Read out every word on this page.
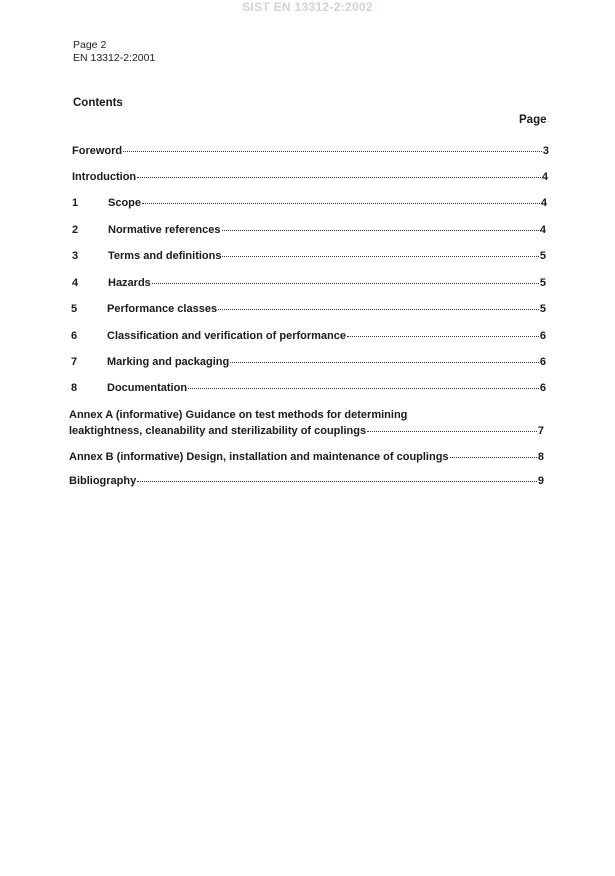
SIST EN 13312-2:2002
Page 2
EN 13312-2:2001
Contents
Page
Foreword	3
Introduction	4
1	Scope	4
2	Normative references	4
3	Terms and definitions	5
4	Hazards	5
5	Performance classes	5
6	Classification and verification of performance	6
7	Marking and packaging	6
8	Documentation	6
Annex A (informative) Guidance on test methods for determining
leaktightness, cleanability and sterilizability of couplings	7
Annex B (informative) Design, installation and maintenance of couplings	8
Bibliography	9
